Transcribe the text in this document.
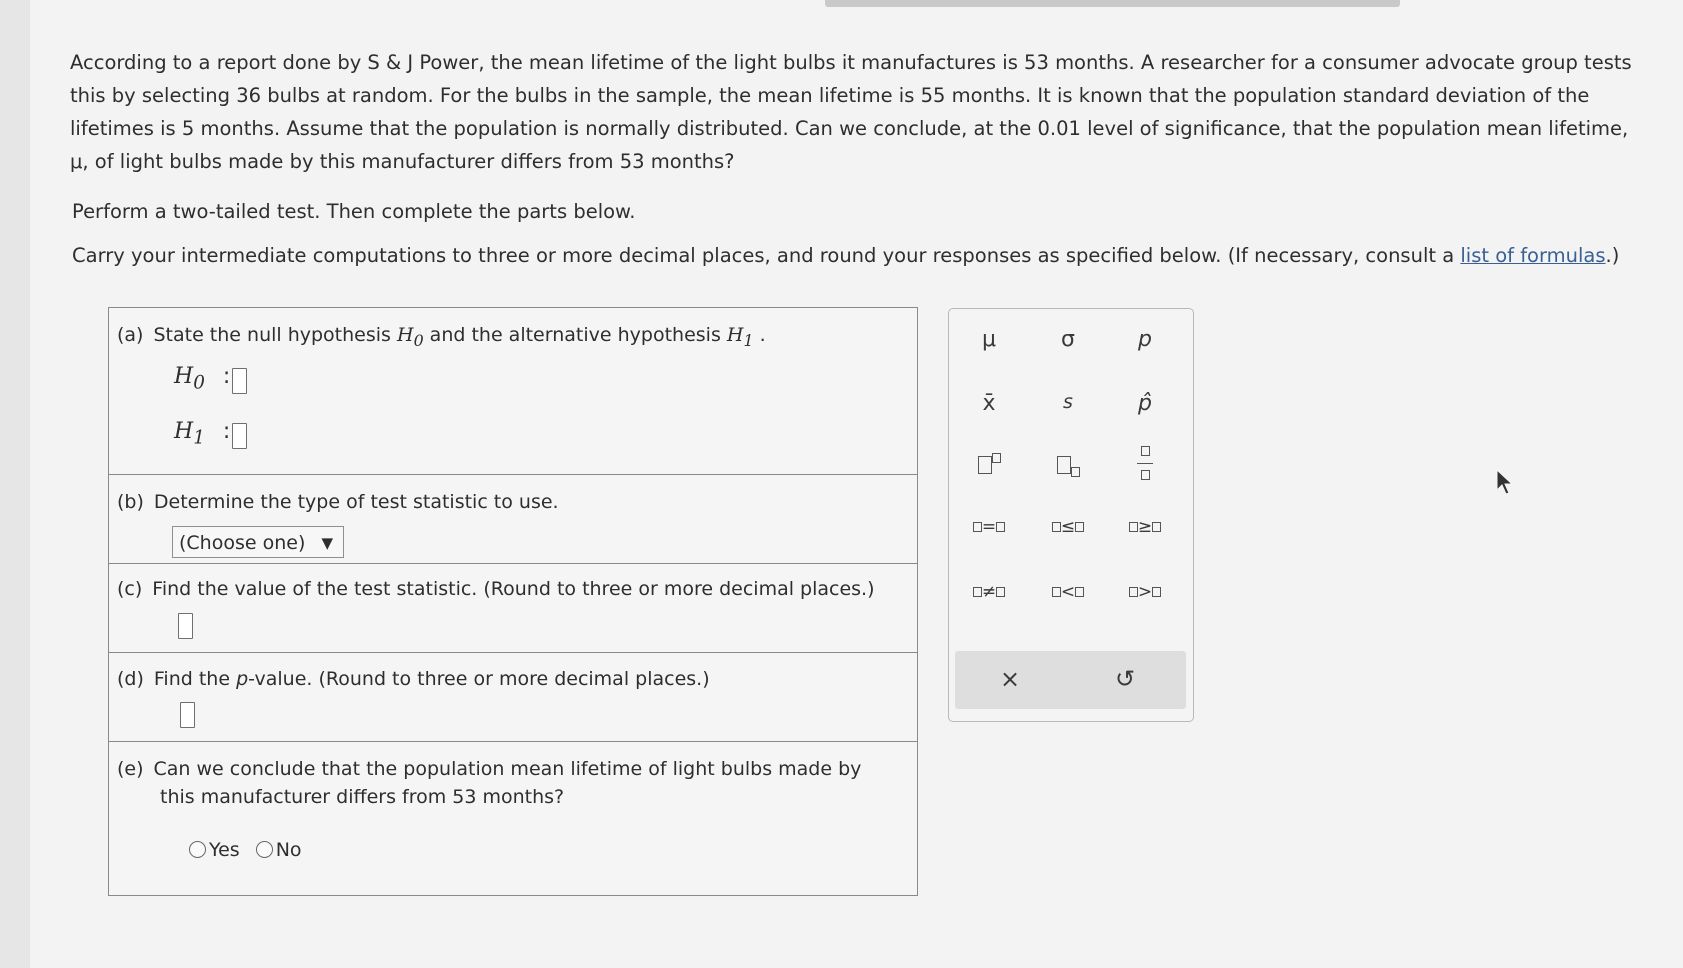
According to a report done by S & J Power, the mean lifetime of the light bulbs it manufactures is 53 months. A researcher for a consumer advocate group tests this by selecting 36 bulbs at random. For the bulbs in the sample, the mean lifetime is 55 months. It is known that the population standard deviation of the lifetimes is 5 months. Assume that the population is normally distributed. Can we conclude, at the 0.01 level of significance, that the population mean lifetime, μ, of light bulbs made by this manufacturer differs from 53 months?

Perform a two-tailed test. Then complete the parts below.
Carry your intermediate computations to three or more decimal places, and round your responses as specified below. (If necessary, consult a list of formulas.)
(a) State the null hypothesis $H_0$ and the alternative hypothesis $H_1$ .
$H_0$ :
$H_1$ :
(b) Determine the type of test statistic to use.
(Choose one) ▼
(c) Find the value of the test statistic. (Round to three or more decimal places.)
(d) Find the p-value. (Round to three or more decimal places.)
(e) Can we conclude that the population mean lifetime of light bulbs made by
this manufacturer differs from 53 months?
Yes No
μ	σ	p
x̄	s	p̂

=	≤	≥
≠	<	>
×	↺
